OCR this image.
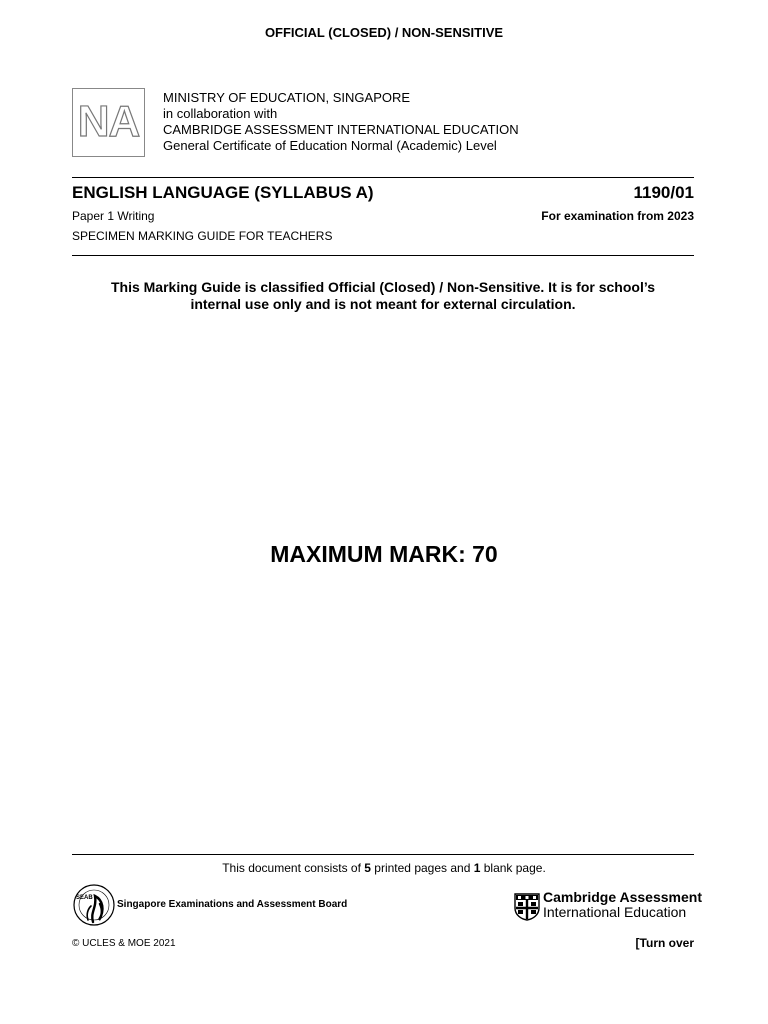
OFFICIAL (CLOSED) / NON-SENSITIVE
NA	MINISTRY OF EDUCATION, SINGAPORE
in collaboration with
CAMBRIDGE ASSESSMENT INTERNATIONAL EDUCATION
General Certificate of Education Normal (Academic) Level
ENGLISH LANGUAGE (SYLLABUS A)	1190/01
Paper 1 Writing	For examination from 2023
SPECIMEN MARKING GUIDE FOR TEACHERS
This Marking Guide is classified Official (Closed) / Non-Sensitive. It is for school’s
internal use only and is not meant for external circulation.
MAXIMUM MARK: 70
This document consists of 5 printed pages and 1 blank page.
SEAB
Singapore Examinations and Assessment Board	Cambridge Assessment
International Education
© UCLES & MOE 2021	[Turn over
